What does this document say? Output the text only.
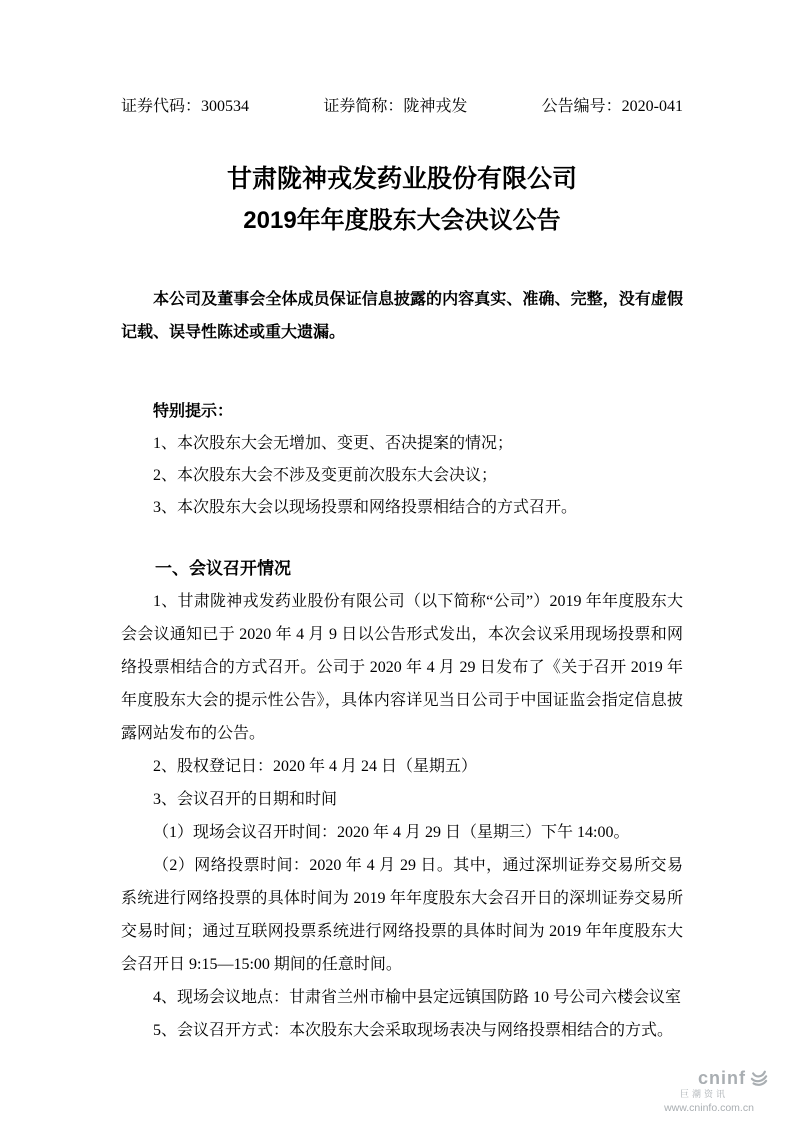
证券代码：300534	证券简称：陇神戎发	公告编号：2020-041
甘肃陇神戎发药业股份有限公司
2019年年度股东大会决议公告
本公司及董事会全体成员保证信息披露的内容真实、准确、完整，没有虚假记载、误导性陈述或重大遗漏。
特别提示：
1、本次股东大会无增加、变更、否决提案的情况；
2、本次股东大会不涉及变更前次股东大会决议；
3、本次股东大会以现场投票和网络投票相结合的方式召开。
一、会议召开情况
1、甘肃陇神戎发药业股份有限公司（以下简称“公司”）2019 年年度股东大会会议通知已于 2020 年 4 月 9 日以公告形式发出，本次会议采用现场投票和网络投票相结合的方式召开。公司于 2020 年 4 月 29 日发布了《关于召开 2019 年年度股东大会的提示性公告》，具体内容详见当日公司于中国证监会指定信息披露网站发布的公告。
2、股权登记日：2020 年 4 月 24 日（星期五）
3、会议召开的日期和时间
（1）现场会议召开时间：2020 年 4 月 29 日（星期三）下午 14:00。
（2）网络投票时间：2020 年 4 月 29 日。其中，通过深圳证券交易所交易系统进行网络投票的具体时间为 2019 年年度股东大会召开日的深圳证券交易所交易时间；通过互联网投票系统进行网络投票的具体时间为 2019 年年度股东大会召开日 9:15—15:00 期间的任意时间。
4、现场会议地点：甘肃省兰州市榆中县定远镇国防路 10 号公司六楼会议室
5、会议召开方式：本次股东大会采取现场表决与网络投票相结合的方式。
cninf
巨潮资讯
www.cninfo.com.cn
